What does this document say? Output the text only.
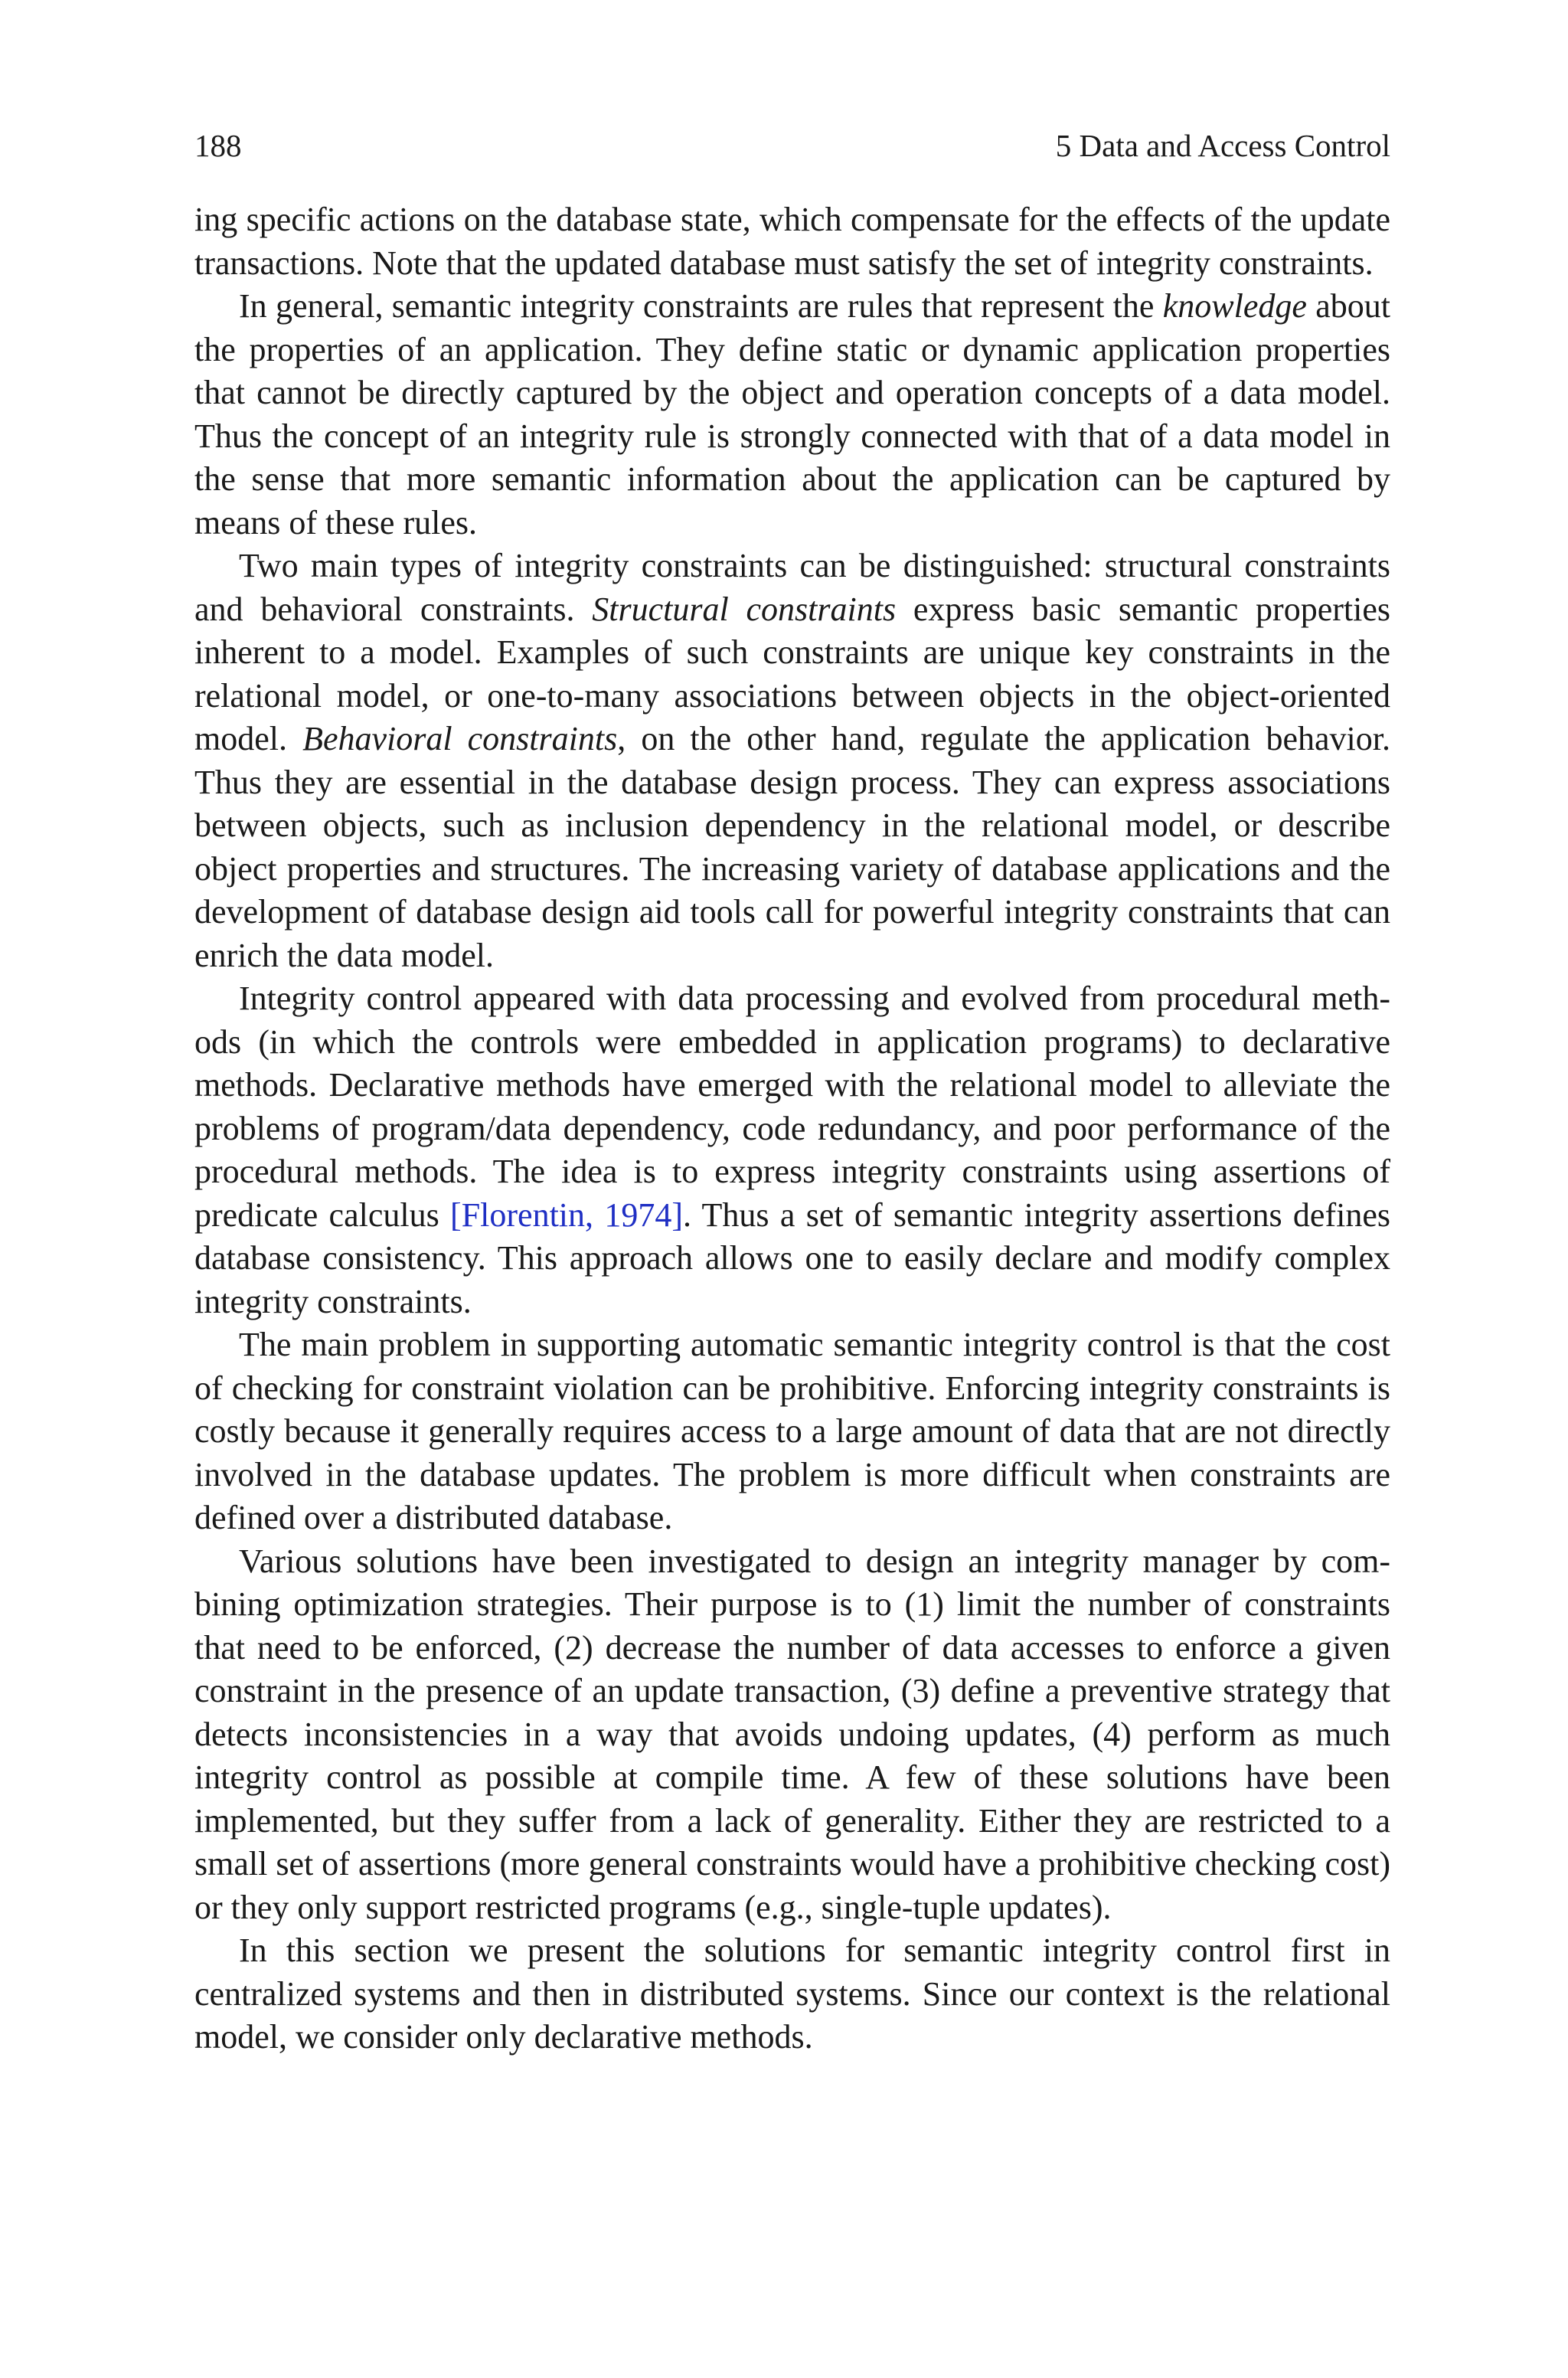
188	5 Data and Access Control

ing specific actions on the database state, which compensate for the effects of the update transactions. Note that the updated database must satisfy the set of integrity constraints.

In general, semantic integrity constraints are rules that represent the knowledge about the properties of an application. They define static or dynamic application properties that cannot be directly captured by the object and operation concepts of a data model. Thus the concept of an integrity rule is strongly connected with that of a data model in the sense that more semantic information about the application can be captured by means of these rules.

Two main types of integrity constraints can be distinguished: structural constraints and behavioral constraints. Structural constraints express basic semantic properties inherent to a model. Examples of such constraints are unique key constraints in the relational model, or one-to-many associations between objects in the object-oriented model. Behavioral constraints, on the other hand, regulate the application behavior. Thus they are essential in the database design process. They can express associations between objects, such as inclusion dependency in the relational model, or describe object properties and structures. The increasing variety of database applications and the development of database design aid tools call for powerful integrity constraints that can enrich the data model.

Integrity control appeared with data processing and evolved from procedural methods (in which the controls were embedded in application programs) to declarative methods. Declarative methods have emerged with the relational model to alleviate the problems of program/data dependency, code redundancy, and poor performance of the procedural methods. The idea is to express integrity constraints using assertions of predicate calculus [Florentin, 1974]. Thus a set of semantic integrity assertions defines database consistency. This approach allows one to easily declare and modify complex integrity constraints.

The main problem in supporting automatic semantic integrity control is that the cost of checking for constraint violation can be prohibitive. Enforcing integrity constraints is costly because it generally requires access to a large amount of data that are not directly involved in the database updates. The problem is more difficult when constraints are defined over a distributed database.

Various solutions have been investigated to design an integrity manager by combining optimization strategies. Their purpose is to (1) limit the number of constraints that need to be enforced, (2) decrease the number of data accesses to enforce a given constraint in the presence of an update transaction, (3) define a preventive strategy that detects inconsistencies in a way that avoids undoing updates, (4) perform as much integrity control as possible at compile time. A few of these solutions have been implemented, but they suffer from a lack of generality. Either they are restricted to a small set of assertions (more general constraints would have a prohibitive checking cost) or they only support restricted programs (e.g., single-tuple updates).

In this section we present the solutions for semantic integrity control first in centralized systems and then in distributed systems. Since our context is the relational model, we consider only declarative methods.
